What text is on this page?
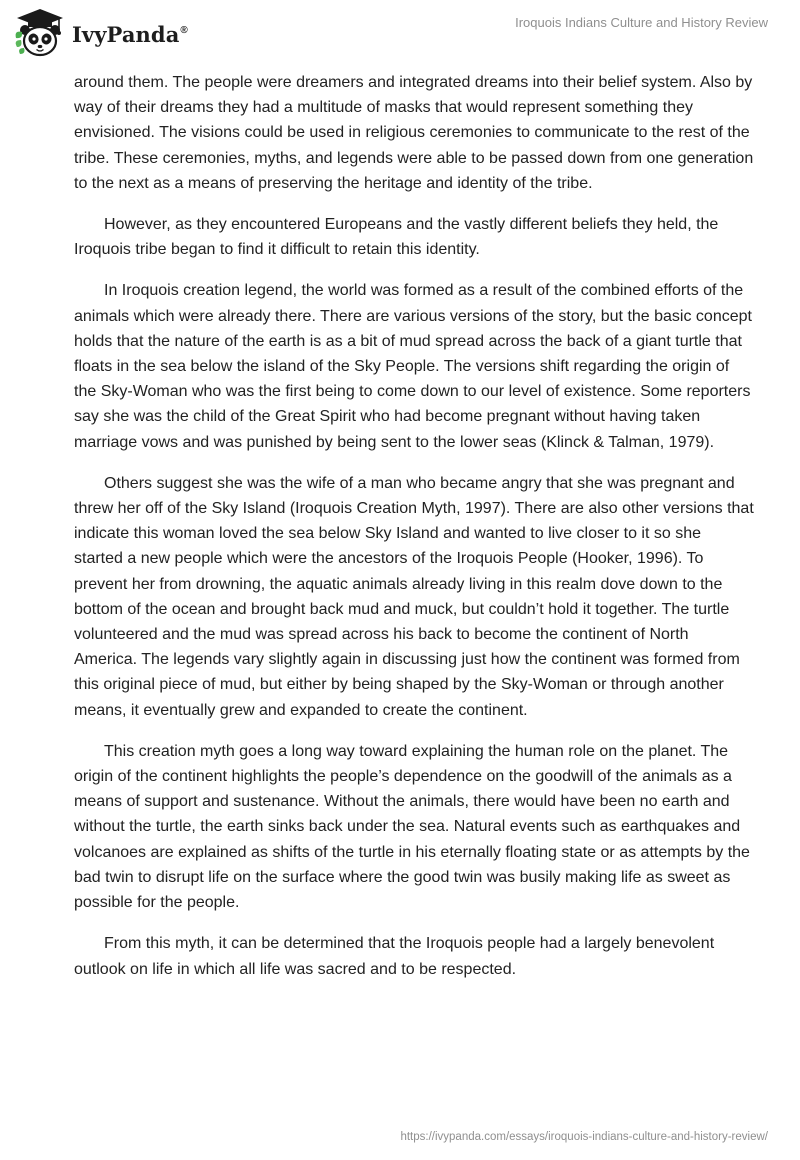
IvyPanda®	Iroquois Indians Culture and History Review

around them. The people were dreamers and integrated dreams into their belief system. Also by way of their dreams they had a multitude of masks that would represent something they envisioned. The visions could be used in religious ceremonies to communicate to the rest of the tribe. These ceremonies, myths, and legends were able to be passed down from one generation to the next as a means of preserving the heritage and identity of the tribe.

However, as they encountered Europeans and the vastly different beliefs they held, the Iroquois tribe began to find it difficult to retain this identity.

In Iroquois creation legend, the world was formed as a result of the combined efforts of the animals which were already there. There are various versions of the story, but the basic concept holds that the nature of the earth is as a bit of mud spread across the back of a giant turtle that floats in the sea below the island of the Sky People. The versions shift regarding the origin of the Sky-Woman who was the first being to come down to our level of existence. Some reporters say she was the child of the Great Spirit who had become pregnant without having taken marriage vows and was punished by being sent to the lower seas (Klinck & Talman, 1979).

Others suggest she was the wife of a man who became angry that she was pregnant and threw her off of the Sky Island (Iroquois Creation Myth, 1997). There are also other versions that indicate this woman loved the sea below Sky Island and wanted to live closer to it so she started a new people which were the ancestors of the Iroquois People (Hooker, 1996). To prevent her from drowning, the aquatic animals already living in this realm dove down to the bottom of the ocean and brought back mud and muck, but couldn’t hold it together. The turtle volunteered and the mud was spread across his back to become the continent of North America. The legends vary slightly again in discussing just how the continent was formed from this original piece of mud, but either by being shaped by the Sky-Woman or through another means, it eventually grew and expanded to create the continent.

This creation myth goes a long way toward explaining the human role on the planet. The origin of the continent highlights the people’s dependence on the goodwill of the animals as a means of support and sustenance. Without the animals, there would have been no earth and without the turtle, the earth sinks back under the sea. Natural events such as earthquakes and volcanoes are explained as shifts of the turtle in his eternally floating state or as attempts by the bad twin to disrupt life on the surface where the good twin was busily making life as sweet as possible for the people.

From this myth, it can be determined that the Iroquois people had a largely benevolent outlook on life in which all life was sacred and to be respected.

https://ivypanda.com/essays/iroquois-indians-culture-and-history-review/
